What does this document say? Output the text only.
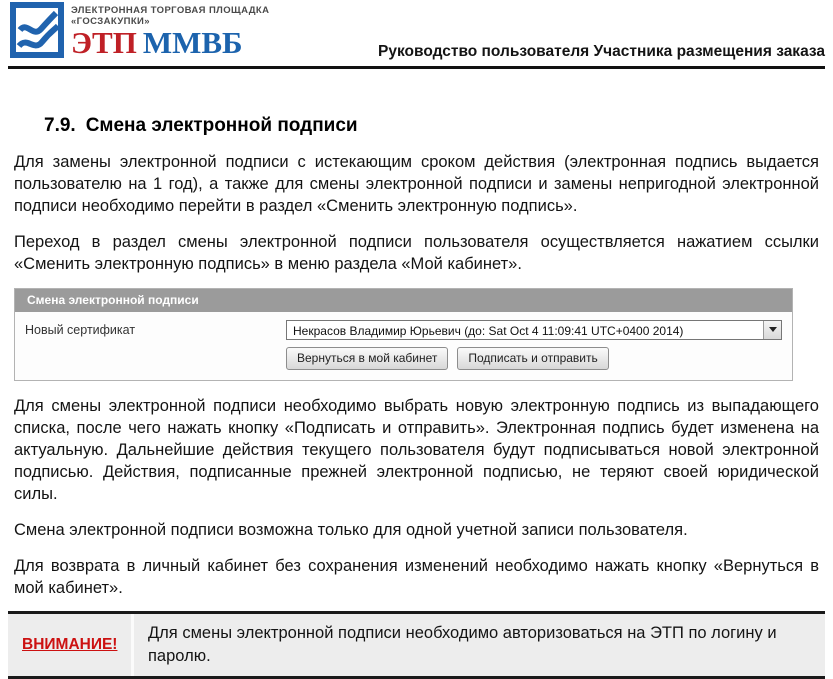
ЭЛЕКТРОННАЯ ТОРГОВАЯ ПЛОЩАДКА
«ГОСЗАКУПКИ»
ЭТП ММВБ	Руководство пользователя Участника размещения заказа
7.9. Смена электронной подписи

Для замены электронной подписи с истекающим сроком действия (электронная подпись выдается пользователю на 1 год), а также для смены электронной подписи и замены непригодной электронной подписи необходимо перейти в раздел «Сменить электронную подпись».

Переход в раздел смены электронной подписи пользователя осуществляется нажатием ссылки «Сменить электронную подпись» в меню раздела «Мой кабинет».

Смена электронной подписи
Новый сертификат	Некрасов Владимир Юрьевич (до: Sat Oct 4 11:09:41 UTC+0400 2014)
Вернуться в мой кабинет	Подписать и отправить

Для смены электронной подписи необходимо выбрать новую электронную подпись из выпадающего списка, после чего нажать кнопку «Подписать и отправить». Электронная подпись будет изменена на актуальную. Дальнейшие действия текущего пользователя будут подписываться новой электронной подписью. Действия, подписанные прежней электронной подписью, не теряют своей юридической силы.

Смена электронной подписи возможна только для одной учетной записи пользователя.

Для возврата в личный кабинет без сохранения изменений необходимо нажать кнопку «Вернуться в мой кабинет».

ВНИМАНИЕ!
Для смены электронной подписи необходимо авторизоваться на ЭТП по логину и паролю.
